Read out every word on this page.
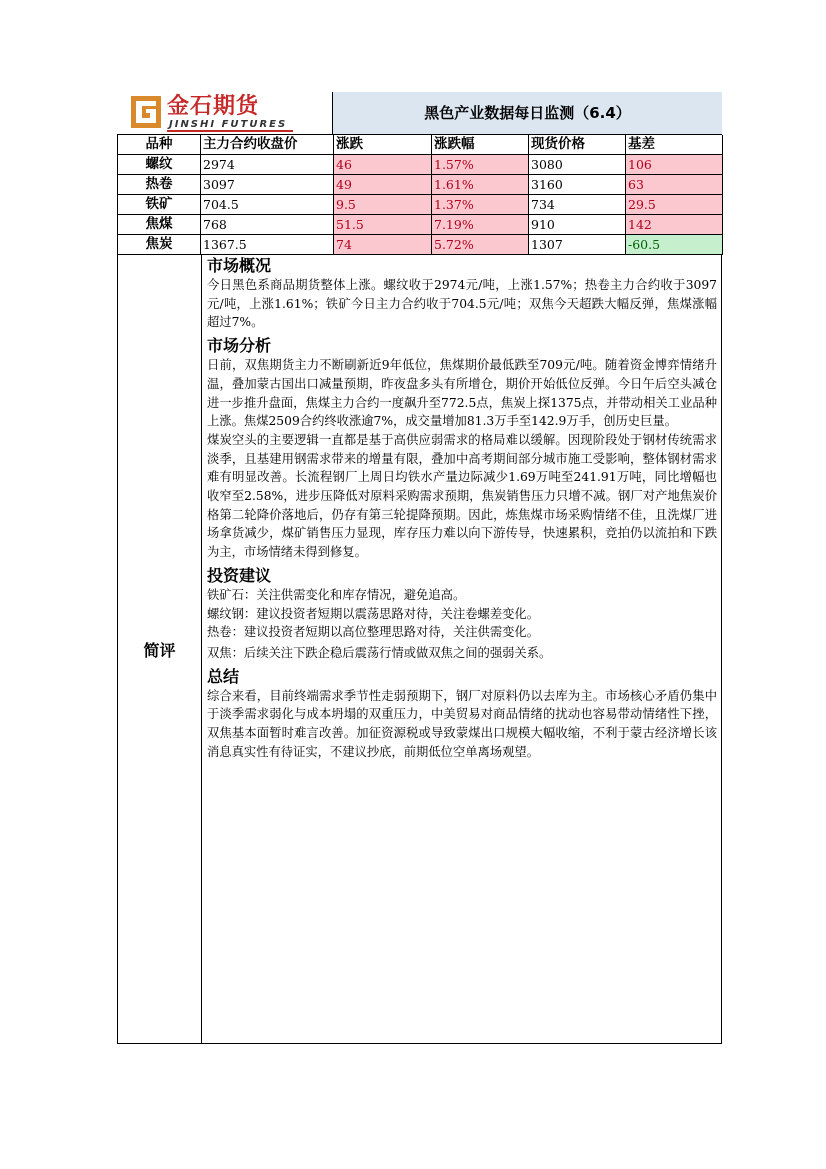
金石期货
JINSHI FUTURES
黑色产业数据每日监测（6.4）
品种	主力合约收盘价	涨跌	涨跌幅	现货价格	基差
螺纹	2974	46	1.57%	3080	106
热卷	3097	49	1.61%	3160	63
铁矿	704.5	9.5	1.37%	734	29.5
焦煤	768	51.5	7.19%	910	142
焦炭	1367.5	74	5.72%	1307	-60.5
简评
市场概况

今日黑色系商品期货整体上涨。螺纹收于2974元/吨，上涨1.57%；热卷主力合约收于3097元/吨，上涨1.61%；铁矿今日主力合约收于704.5元/吨；双焦今天超跌大幅反弹，焦煤涨幅超过7%。

市场分析

日前，双焦期货主力不断刷新近9年低位，焦煤期价最低跌至709元/吨。随着资金博弈情绪升温，叠加蒙古国出口减量预期，昨夜盘多头有所增仓，期价开始低位反弹。今日午后空头减仓进一步推升盘面，焦煤主力合约一度飙升至772.5点，焦炭上探1375点，并带动相关工业品种上涨。焦煤2509合约终收涨逾7%，成交量增加81.3万手至142.9万手，创历史巨量。

煤炭空头的主要逻辑一直都是基于高供应弱需求的格局难以缓解。因现阶段处于钢材传统需求淡季，且基建用钢需求带来的增量有限，叠加中高考期间部分城市施工受影响，整体钢材需求难有明显改善。长流程钢厂上周日均铁水产量边际减少1.69万吨至241.91万吨，同比增幅也收窄至2.58%，进步压降低对原料采购需求预期，焦炭销售压力只增不减。钢厂对产地焦炭价格第二轮降价落地后，仍存有第三轮提降预期。因此，炼焦煤市场采购情绪不佳，且洗煤厂进场拿货减少，煤矿销售压力显现，库存压力难以向下游传导，快速累积，竞拍仍以流拍和下跌为主，市场情绪未得到修复。

投资建议

铁矿石：关注供需变化和库存情况，避免追高。

螺纹钢：建议投资者短期以震荡思路对待，关注卷螺差变化。

热卷：建议投资者短期以高位整理思路对待，关注供需变化。

双焦：后续关注下跌企稳后震荡行情或做双焦之间的强弱关系。

总结

综合来看，目前终端需求季节性走弱预期下，钢厂对原料仍以去库为主。市场核心矛盾仍集中于淡季需求弱化与成本坍塌的双重压力，中美贸易对商品情绪的扰动也容易带动情绪性下挫，双焦基本面暂时难言改善。加征资源税或导致蒙煤出口规模大幅收缩，不利于蒙古经济增长该消息真实性有待证实，不建议抄底，前期低位空单离场观望。
